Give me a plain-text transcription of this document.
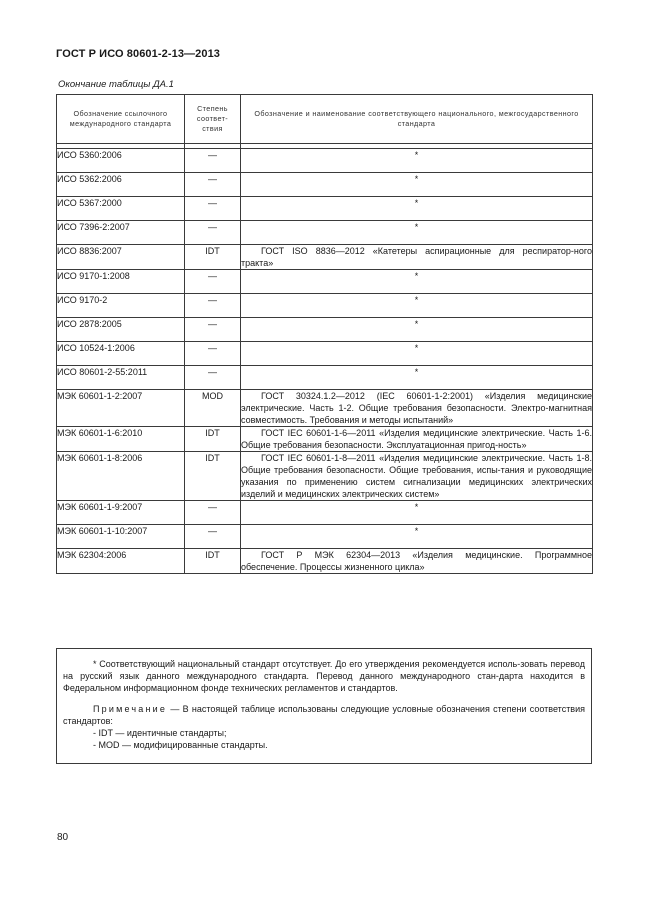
ГОСТ Р ИСО 80601-2-13—2013
Окончание таблицы ДА.1
Обозначение ссылочного международного стандарта	Степень соответ-ствия	Обозначение и наименование соответствующего национального, межгосударственного стандарта

ИСО 5360:2006	—	*
ИСО 5362:2006	—	*
ИСО 5367:2000	—	*
ИСО 7396-2:2007	—	*
ИСО 8836:2007	IDT	ГОСТ ISO 8836—2012 «Катетеры аспирационные для респиратор-ного тракта»
ИСО 9170-1:2008	—	*
ИСО 9170-2	—	*
ИСО 2878:2005	—	*
ИСО 10524-1:2006	—	*
ИСО 80601-2-55:2011	—	*
МЭК 60601-1-2:2007	MOD	ГОСТ 30324.1.2—2012 (IEC 60601-1-2:2001) «Изделия медицинские электрические. Часть 1-2. Общие требования безопасности. Электро-магнитная совместимость. Требования и методы испытаний»
МЭК 60601-1-6:2010	IDT	ГОСТ IEC 60601-1-6—2011 «Изделия медицинские электрические. Часть 1-6. Общие требования безопасности. Эксплуатационная пригод-ность»
МЭК 60601-1-8:2006	IDT	ГОСТ IEC 60601-1-8—2011 «Изделия медицинские электрические. Часть 1-8. Общие требования безопасности. Общие требования, испы-тания и руководящие указания по применению систем сигнализации медицинских электрических изделий и медицинских электрических систем»
МЭК 60601-1-9:2007	—	*
МЭК 60601-1-10:2007	—	*
МЭК 62304:2006	IDT	ГОСТ Р МЭК 62304—2013 «Изделия медицинские. Программное обеспечение. Процессы жизненного цикла»

* Соответствующий национальный стандарт отсутствует. До его утверждения рекомендуется исполь-зовать перевод на русский язык данного международного стандарта. Перевод данного международного стан-дарта находится в Федеральном информационном фонде технических регламентов и стандартов.

Примечание — В настоящей таблице использованы следующие условные обозначения степени соответствия стандартов:

- IDT — идентичные стандарты;

- MOD — модифицированные стандарты.

80
